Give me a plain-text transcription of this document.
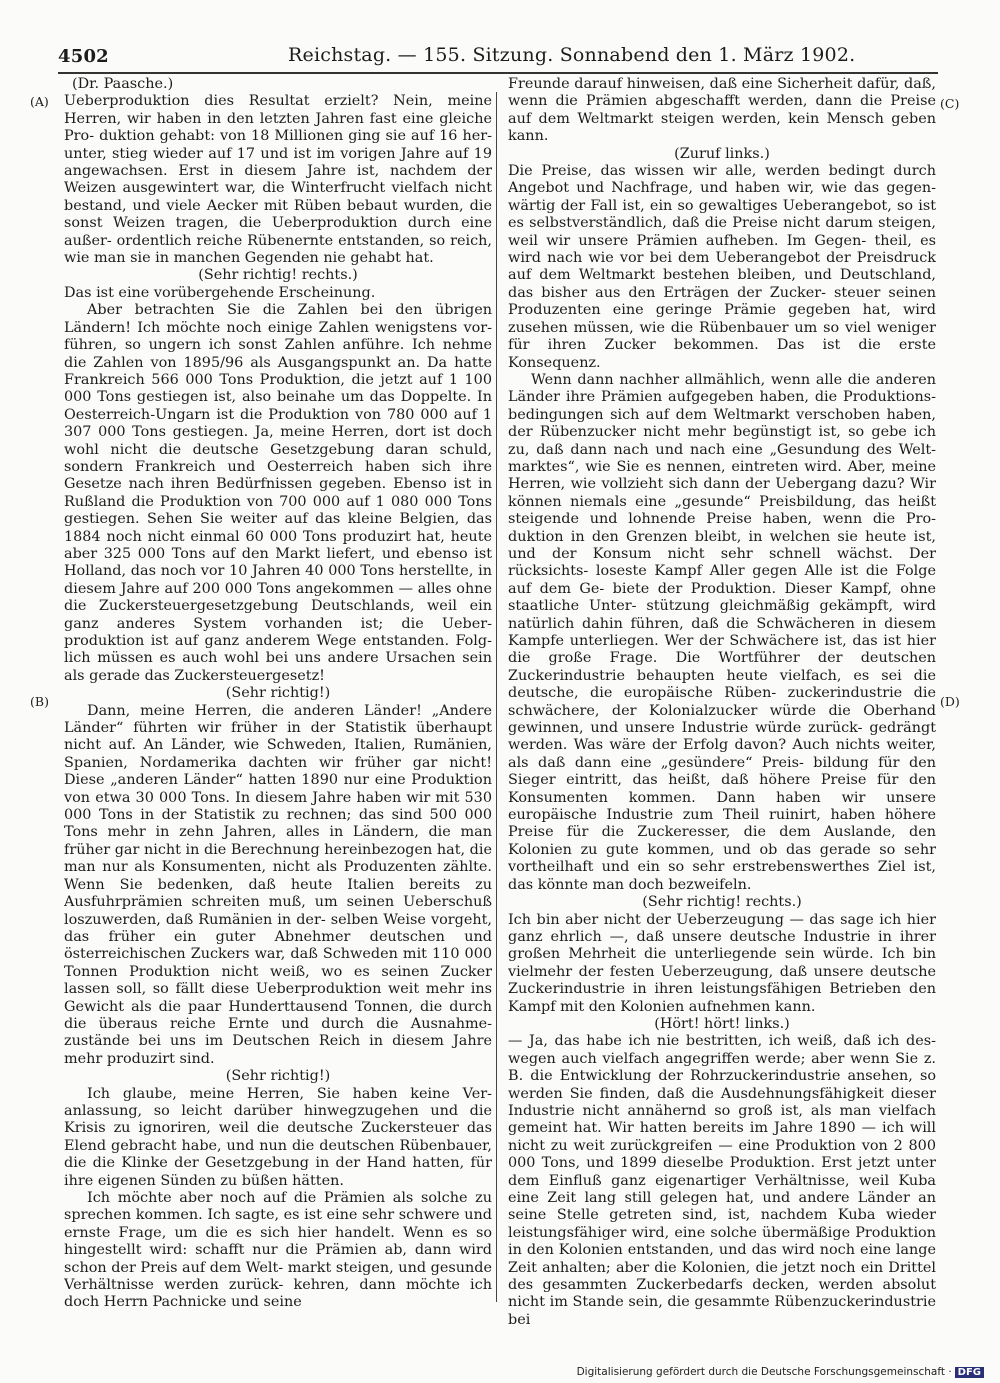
4502	Reichstag. — 155. Sitzung. Sonnabend den 1. März 1902.
(A)
(B)
(C)
(D)

(Dr. Paasche.)

Ueberproduktion dies Resultat erzielt? Nein, meine Herren, wir haben in den letzten Jahren fast eine gleiche Pro- duktion gehabt: von 18 Millionen ging sie auf 16 her- unter, stieg wieder auf 17 und ist im vorigen Jahre auf 19 angewachsen. Erst in diesem Jahre ist, nachdem der Weizen ausgewintert war, die Winterfrucht vielfach nicht bestand, und viele Aecker mit Rüben bebaut wurden, die sonst Weizen tragen, die Ueberproduktion durch eine außer- ordentlich reiche Rübenernte entstanden, so reich, wie man sie in manchen Gegenden nie gehabt hat.

(Sehr richtig! rechts.)

Das ist eine vorübergehende Erscheinung.

Aber betrachten Sie die Zahlen bei den übrigen Ländern! Ich möchte noch einige Zahlen wenigstens vor- führen, so ungern ich sonst Zahlen anführe. Ich nehme die Zahlen von 1895/96 als Ausgangspunkt an. Da hatte Frankreich 566 000 Tons Produktion, die jetzt auf 1 100 000 Tons gestiegen ist, also beinahe um das Doppelte. In Oesterreich-Ungarn ist die Produktion von 780 000 auf 1 307 000 Tons gestiegen. Ja, meine Herren, dort ist doch wohl nicht die deutsche Gesetzgebung daran schuld, sondern Frankreich und Oesterreich haben sich ihre Gesetze nach ihren Bedürfnissen gegeben. Ebenso ist in Rußland die Produktion von 700 000 auf 1 080 000 Tons gestiegen. Sehen Sie weiter auf das kleine Belgien, das 1884 noch nicht einmal 60 000 Tons produzirt hat, heute aber 325 000 Tons auf den Markt liefert, und ebenso ist Holland, das noch vor 10 Jahren 40 000 Tons herstellte, in diesem Jahre auf 200 000 Tons angekommen — alles ohne die Zuckersteuergesetzgebung Deutschlands, weil ein ganz anderes System vorhanden ist; die Ueber- produktion ist auf ganz anderem Wege entstanden. Folg- lich müssen es auch wohl bei uns andere Ursachen sein als gerade das Zuckersteuergesetz!

(Sehr richtig!)

Dann, meine Herren, die anderen Länder! „Andere Länder“ führten wir früher in der Statistik überhaupt nicht auf. An Länder, wie Schweden, Italien, Rumänien, Spanien, Nordamerika dachten wir früher gar nicht! Diese „anderen Länder“ hatten 1890 nur eine Produktion von etwa 30 000 Tons. In diesem Jahre haben wir mit 530 000 Tons in der Statistik zu rechnen; das sind 500 000 Tons mehr in zehn Jahren, alles in Ländern, die man früher gar nicht in die Berechnung hereinbezogen hat, die man nur als Konsumenten, nicht als Produzenten zählte. Wenn Sie bedenken, daß heute Italien bereits zu Ausfuhrprämien schreiten muß, um seinen Ueberschuß loszuwerden, daß Rumänien in der- selben Weise vorgeht, das früher ein guter Abnehmer deutschen und österreichischen Zuckers war, daß Schweden mit 110 000 Tonnen Produktion nicht weiß, wo es seinen Zucker lassen soll, so fällt diese Ueberproduktion weit mehr ins Gewicht als die paar Hunderttausend Tonnen, die durch die überaus reiche Ernte und durch die Ausnahme- zustände bei uns im Deutschen Reich in diesem Jahre mehr produzirt sind.

(Sehr richtig!)

Ich glaube, meine Herren, Sie haben keine Ver- anlassung, so leicht darüber hinwegzugehen und die Krisis zu ignoriren, weil die deutsche Zuckersteuer das Elend gebracht habe, und nun die deutschen Rübenbauer, die die Klinke der Gesetzgebung in der Hand hatten, für ihre eigenen Sünden zu büßen hätten.

Ich möchte aber noch auf die Prämien als solche zu sprechen kommen. Ich sagte, es ist eine sehr schwere und ernste Frage, um die es sich hier handelt. Wenn es so hingestellt wird: schafft nur die Prämien ab, dann wird schon der Preis auf dem Welt- markt steigen, und gesunde Verhältnisse werden zurück- kehren, dann möchte ich doch Herrn Pachnicke und seine

Freunde darauf hinweisen, daß eine Sicherheit dafür, daß, wenn die Prämien abgeschafft werden, dann die Preise auf dem Weltmarkt steigen werden, kein Mensch geben kann.

(Zuruf links.)

Die Preise, das wissen wir alle, werden bedingt durch Angebot und Nachfrage, und haben wir, wie das gegen- wärtig der Fall ist, ein so gewaltiges Ueberangebot, so ist es selbstverständlich, daß die Preise nicht darum steigen, weil wir unsere Prämien aufheben. Im Gegen- theil, es wird nach wie vor bei dem Ueberangebot der Preisdruck auf dem Weltmarkt bestehen bleiben, und Deutschland, das bisher aus den Erträgen der Zucker- steuer seinen Produzenten eine geringe Prämie gegeben hat, wird zusehen müssen, wie die Rübenbauer um so viel weniger für ihren Zucker bekommen. Das ist die erste Konsequenz.

Wenn dann nachher allmählich, wenn alle die anderen Länder ihre Prämien aufgegeben haben, die Produktions- bedingungen sich auf dem Weltmarkt verschoben haben, der Rübenzucker nicht mehr begünstigt ist, so gebe ich zu, daß dann nach und nach eine „Gesundung des Welt- marktes“, wie Sie es nennen, eintreten wird. Aber, meine Herren, wie vollzieht sich dann der Uebergang dazu? Wir können niemals eine „gesunde“ Preisbildung, das heißt steigende und lohnende Preise haben, wenn die Pro- duktion in den Grenzen bleibt, in welchen sie heute ist, und der Konsum nicht sehr schnell wächst. Der rücksichts- loseste Kampf Aller gegen Alle ist die Folge auf dem Ge- biete der Produktion. Dieser Kampf, ohne staatliche Unter- stützung gleichmäßig gekämpft, wird natürlich dahin führen, daß die Schwächeren in diesem Kampfe unterliegen. Wer der Schwächere ist, das ist hier die große Frage. Die Wortführer der deutschen Zuckerindustrie behaupten heute vielfach, es sei die deutsche, die europäische Rüben- zuckerindustrie die schwächere, der Kolonialzucker würde die Oberhand gewinnen, und unsere Industrie würde zurück- gedrängt werden. Was wäre der Erfolg davon? Auch nichts weiter, als daß dann eine „gesündere“ Preis- bildung für den Sieger eintritt, das heißt, daß höhere Preise für den Konsumenten kommen. Dann haben wir unsere europäische Industrie zum Theil ruinirt, haben höhere Preise für die Zuckeresser, die dem Auslande, den Kolonien zu gute kommen, und ob das gerade so sehr vortheilhaft und ein so sehr erstrebenswerthes Ziel ist, das könnte man doch bezweifeln.

(Sehr richtig! rechts.)

Ich bin aber nicht der Ueberzeugung — das sage ich hier ganz ehrlich —, daß unsere deutsche Industrie in ihrer großen Mehrheit die unterliegende sein würde. Ich bin vielmehr der festen Ueberzeugung, daß unsere deutsche Zuckerindustrie in ihren leistungsfähigen Betrieben den Kampf mit den Kolonien aufnehmen kann.

(Hört! hört! links.)

— Ja, das habe ich nie bestritten, ich weiß, daß ich des- wegen auch vielfach angegriffen werde; aber wenn Sie z. B. die Entwicklung der Rohrzuckerindustrie ansehen, so werden Sie finden, daß die Ausdehnungsfähigkeit dieser Industrie nicht annähernd so groß ist, als man vielfach gemeint hat. Wir hatten bereits im Jahre 1890 — ich will nicht zu weit zurückgreifen — eine Produktion von 2 800 000 Tons, und 1899 dieselbe Produktion. Erst jetzt unter dem Einfluß ganz eigenartiger Verhältnisse, weil Kuba eine Zeit lang still gelegen hat, und andere Länder an seine Stelle getreten sind, ist, nachdem Kuba wieder leistungsfähiger wird, eine solche übermäßige Produktion in den Kolonien entstanden, und das wird noch eine lange Zeit anhalten; aber die Kolonien, die jetzt noch ein Drittel des gesammten Zuckerbedarfs decken, werden absolut nicht im Stande sein, die gesammte Rübenzuckerindustrie bei

Digitalisierung gefördert durch die Deutsche Forschungsgemeinschaft · DFG
